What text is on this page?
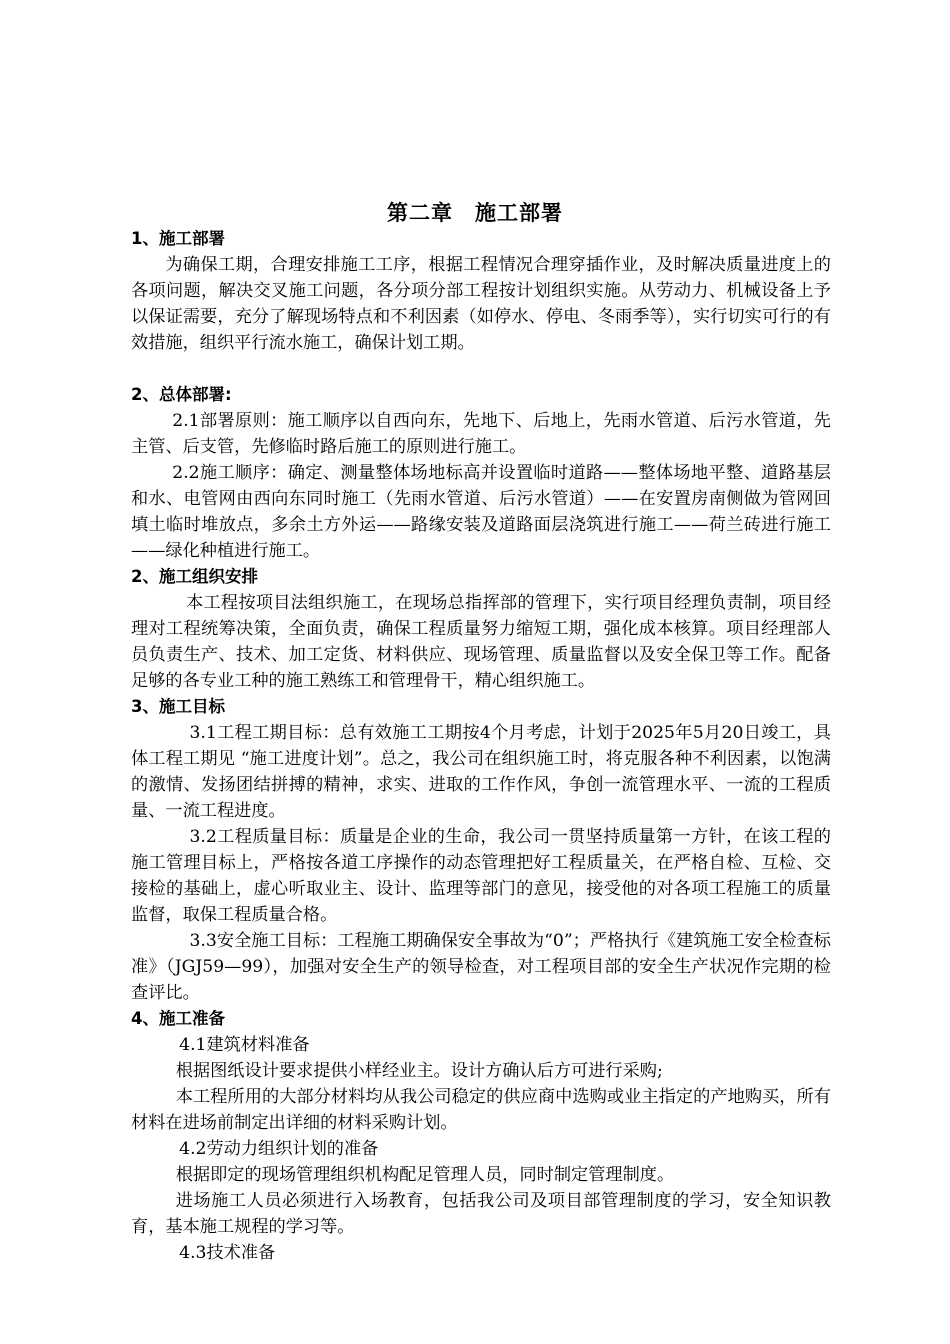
第二章　施工部署

1、施工部署

为确保工期，合理安排施工工序，根据工程情况合理穿插作业，及时解决质量进度上的各项问题，解决交叉施工问题，各分项分部工程按计划组织实施。从劳动力、机械设备上予以保证需要，充分了解现场特点和不利因素（如停水、停电、冬雨季等），实行切实可行的有效措施，组织平行流水施工，确保计划工期。

2、总体部署:

2.1部署原则：施工顺序以自西向东，先地下、后地上，先雨水管道、后污水管道，先主管、后支管，先修临时路后施工的原则进行施工。

2.2施工顺序：确定、测量整体场地标高并设置临时道路——整体场地平整、道路基层和水、电管网由西向东同时施工（先雨水管道、后污水管道）——在安置房南侧做为管网回填土临时堆放点，多余土方外运——路缘安装及道路面层浇筑进行施工——荷兰砖进行施工——绿化种植进行施工。

2、施工组织安排

本工程按项目法组织施工，在现场总指挥部的管理下，实行项目经理负责制，项目经理对工程统筹决策，全面负责，确保工程质量努力缩短工期，强化成本核算。项目经理部人员负责生产、技术、加工定货、材料供应、现场管理、质量监督以及安全保卫等工作。配备足够的各专业工种的施工熟练工和管理骨干，精心组织施工。

3、施工目标

3.1工程工期目标：总有效施工工期按4个月考虑，计划于2025年5月20日竣工，具体工程工期见 “施工进度计划”。总之，我公司在组织施工时，将克服各种不利因素，以饱满的激情、发扬团结拼搏的精神，求实、进取的工作作风，争创一流管理水平、一流的工程质量、一流工程进度。

3.2工程质量目标：质量是企业的生命，我公司一贯坚持质量第一方针，在该工程的施工管理目标上，严格按各道工序操作的动态管理把好工程质量关，在严格自检、互检、交接检的基础上，虚心听取业主、设计、监理等部门的意见，接受他的对各项工程施工的质量监督，取保工程质量合格。

3.3安全施工目标：工程施工期确保安全事故为“0”；严格执行《建筑施工安全检查标准》（JGJ59—99），加强对安全生产的领导检查，对工程项目部的安全生产状况作完期的检查评比。

4、施工准备

4.1建筑材料准备

根据图纸设计要求提供小样经业主。设计方确认后方可进行采购;

本工程所用的大部分材料均从我公司稳定的供应商中选购或业主指定的产地购买，所有材料在进场前制定出详细的材料采购计划。

4.2劳动力组织计划的准备

根据即定的现场管理组织机构配足管理人员，同时制定管理制度。

进场施工人员必须进行入场教育，包括我公司及项目部管理制度的学习，安全知识教育，基本施工规程的学习等。

4.3技术准备
